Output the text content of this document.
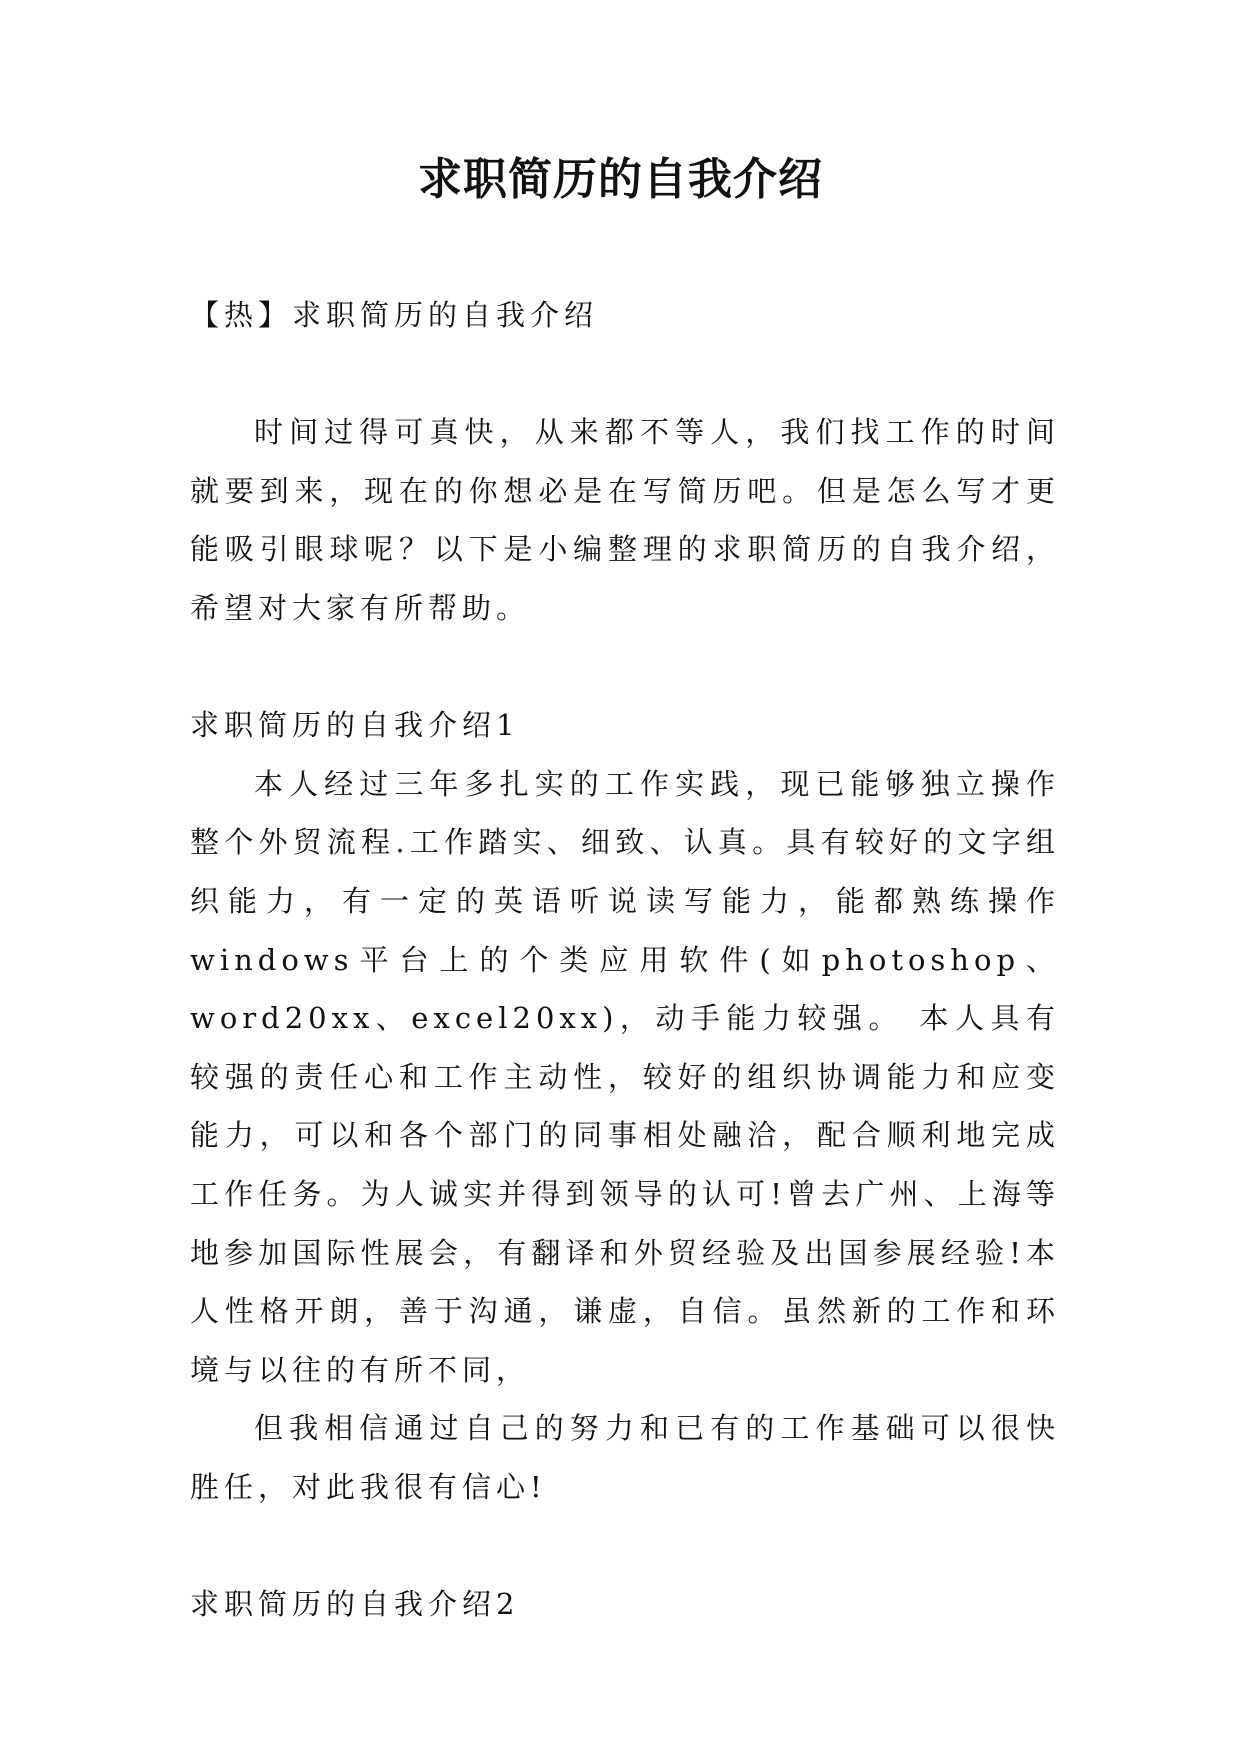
求职简历的自我介绍

【热】求职简历的自我介绍

时间过得可真快，从来都不等人，我们找工作的时间就要到来，现在的你想必是在写简历吧。但是怎么写才更能吸引眼球呢？以下是小编整理的求职简历的自我介绍，希望对大家有所帮助。

求职简历的自我介绍1

本人经过三年多扎实的工作实践，现已能够独立操作整个外贸流程.工作踏实、细致、认真。具有较好的文字组织能力，有一定的英语听说读写能力，能都熟练操作windows平台上的个类应用软件(如photoshop、word20xx、excel20xx)，动手能力较强。 本人具有较强的责任心和工作主动性，较好的组织协调能力和应变能力，可以和各个部门的同事相处融洽，配合顺利地完成工作任务。为人诚实并得到领导的认可!曾去广州、上海等地参加国际性展会，有翻译和外贸经验及出国参展经验!本人性格开朗，善于沟通，谦虚，自信。虽然新的工作和环境与以往的有所不同，

但我相信通过自己的努力和已有的工作基础可以很快胜任，对此我很有信心!

求职简历的自我介绍2
